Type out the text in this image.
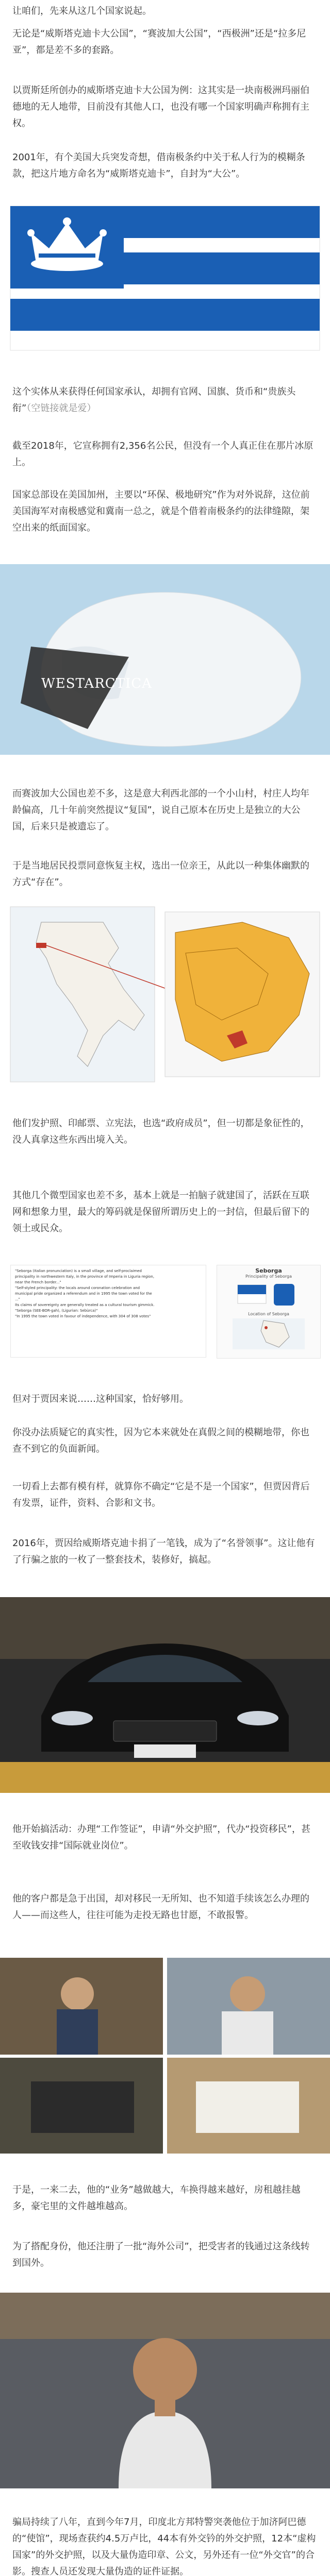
让咱们，先来从这几个国家说起。

无论是“威斯塔克迪卡大公国”，“赛波加大公国”，“西极洲”还是“拉多尼亚”，都是差不多的套路。

以贾斯廷所创办的威斯塔克迪卡大公国为例：这其实是一块南极洲玛丽伯德地的无人地带，目前没有其他人口，也没有哪一个国家明确声称拥有主权。

2001年，有个美国大兵突发奇想，借南极条约中关于私人行为的模糊条款，把这片地方命名为“威斯塔克迪卡”，自封为“大公”。

这个实体从来获得任何国家承认，却拥有官网、国旗、货币和“贵族头衔”（空链接就是爱）

截至2018年，它宣称拥有2,356名公民，但没有一个人真正住在那片冰原上。

国家总部设在美国加州，主要以“环保、极地研究”作为对外说辞，这位前美国海军对南极感觉和冀南一总之，就是个借着南极条约的法律缝隙，架空出来的纸面国家。

WESTARCTICA

而赛波加大公国也差不多，这是意大利西北部的一个小山村，村庄人均年龄偏高，几十年前突然提议“复国”，说自己原本在历史上是独立的大公国，后来只是被遗忘了。

于是当地居民投票同意恢复主权，选出一位亲王，从此以一种集体幽默的方式“存在”。

他们发护照、印邮票、立宪法，也选“政府成员”，但一切都是象征性的，没人真拿这些东西出境入关。

其他几个微型国家也差不多，基本上就是一拍脑子就建国了，活跃在互联网和想象力里，最大的筹码就是保留所谓历史上的一封信，但最后留下的领土或民众。

"Seborga (Italian pronunciation) is a small village, and self-proclaimed
principality in northwestern Italy, in the province of Imperia in Liguria region,
near the French border..."
"Self-styled principality: the locals around coronation celebration and
municipal pride organized a referendum and in 1995 the town voted for the
..."
Its claims of sovereignty are generally treated as a cultural tourism gimmick.
"Seborga (SEE-BOR-gah), (Ligurian: Sebùrca)"
"In 1995 the town voted in favour of independence, with 304 of 308 votes"
Seborga
Principality of Seborga
Location of Seborga

但对于贾因来说……这种国家，恰好够用。

你没办法质疑它的真实性，因为它本来就处在真假之间的模糊地带，你也查不到它的负面新闻。

一切看上去都有模有样，就算你不确定“它是不是一个国家”，但贾因背后有发票，证件，资料、合影和文书。

2016年，贾因给威斯塔克迪卡捐了一笔钱，成为了“名誉领事”。这让他有了行骗之旅的一枚了一整套技术，装修好，搞起。

他开始搞活动：办理“工作签证”，申请“外交护照”，代办“投资移民”，甚至收钱安排“国际就业岗位”。

他的客户都是急于出国，却对移民一无所知、也不知道手续该怎么办理的人——而这些人，往往可能为走投无路也甘愿，不敢报警。

于是，一来二去，他的“业务”越做越大，车换得越来越好，房租越挂越多，豪宅里的文件越堆越高。

为了搭配身份，他还注册了一批“海外公司”，把受害者的钱通过这条线转到国外。

骗局持续了八年，直到今年7月，印度北方邦特警突袭他位于加济阿巴德的“使馆”，现场查获约4.5万卢比，44本有外交钤的外交护照，12本“虚构国家”的外交护照，以及大量伪造印章、公文，另外还有一位“外交官”的合影。搜查人员还发现大量伪造的证件证据。
